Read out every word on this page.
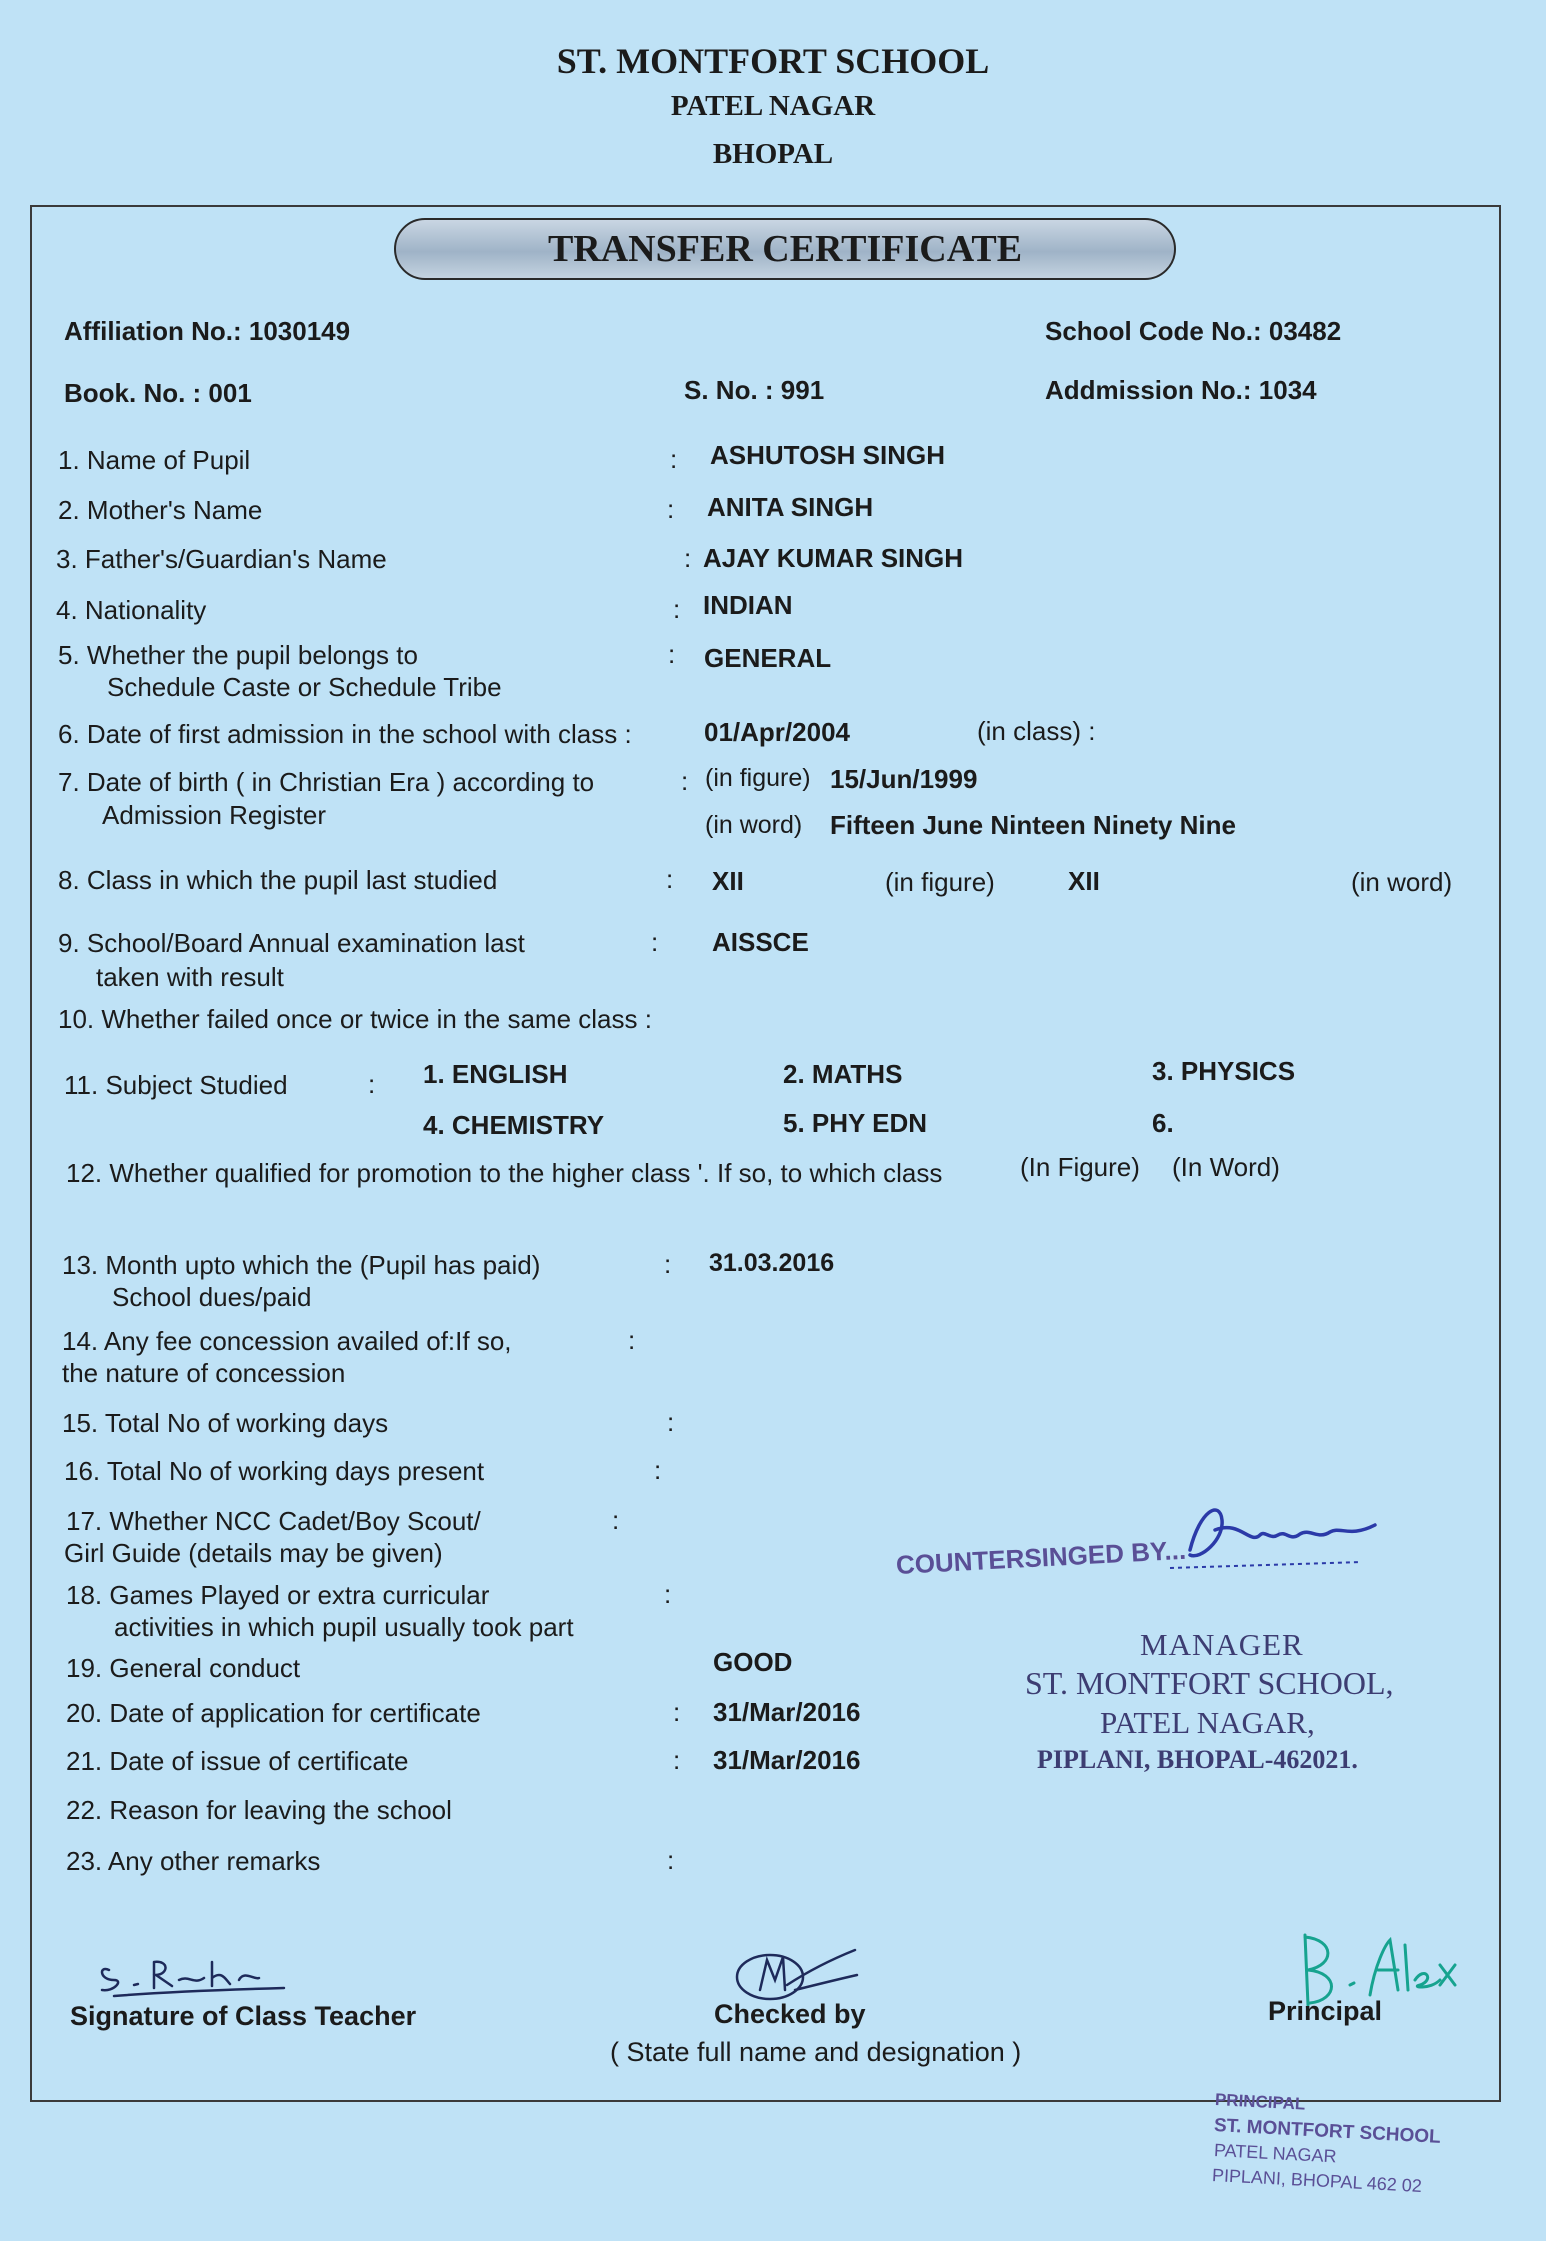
ST. MONTFORT SCHOOL
PATEL NAGAR
BHOPAL
TRANSFER CERTIFICATE
Affiliation No.: 1030149	School Code No.: 03482
Book. No. : 001	S. No. : 991	Addmission No.: 1034
1. Name of Pupil	: ASHUTOSH SINGH
2. Mother's Name	: ANITA SINGH
3. Father's/Guardian's Name	: AJAY KUMAR SINGH
4. Nationality	: INDIAN
5. Whether the pupil belongs to
Schedule Caste or Schedule Tribe
: GENERAL
6. Date of first admission in the school with class :	01/Apr/2004	(in class) :
7. Date of birth ( in Christian Era ) according to
Admission Register
: (in figure) 15/Jun/1999
(in word) Fifteen June Ninteen Ninety Nine
8. Class in which the pupil last studied	: XII	(in figure)	XII	(in word)
9. School/Board Annual examination last
taken with result
: AISSCE
10. Whether failed once or twice in the same class :
11. Subject Studied	: 1. ENGLISH	2. MATHS	3. PHYSICS
4. CHEMISTRY	5. PHY EDN	6.
12. Whether qualified for promotion to the higher class '. If so, to which class	(In Figure) (In Word)
13. Month upto which the (Pupil has paid)
School dues/paid
: 31.03.2016
14. Any fee concession availed of:If so,
the nature of concession
:
15. Total No of working days	:
16. Total No of working days present	:
17. Whether NCC Cadet/Boy Scout/
Girl Guide (details may be given)
:
18. Games Played or extra curricular
activities in which pupil usually took part
:
19. General conduct	GOOD
20. Date of application for certificate	: 31/Mar/2016
21. Date of issue of certificate	: 31/Mar/2016
22. Reason for leaving the school
23. Any other remarks	:
COUNTERSINGED BY...
MANAGER
ST. MONTFORT SCHOOL,
PATEL NAGAR,
PIPLANI, BHOPAL-462021.
Signature of Class Teacher	Checked by
( State full name and designation )
Principal
PRINCIPAL
ST. MONTFORT SCHOOL
PATEL NAGAR
PIPLANI, BHOPAL 462 02
